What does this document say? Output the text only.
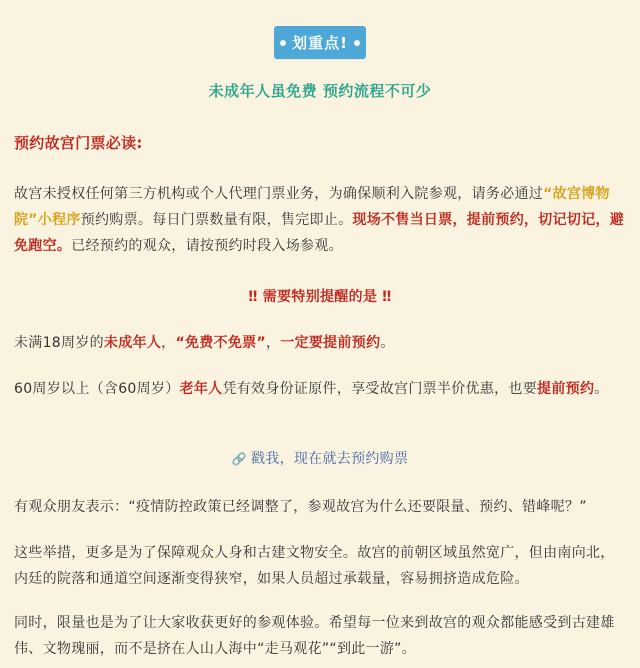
划重点!
未成年人虽免费 预约流程不可少

预约故宫门票必读:

故宫未授权任何第三方机构或个人代理门票业务，为确保顺利入院参观，请务必通过“故宫博物院”小程序预约购票。每日门票数量有限，售完即止。现场不售当日票，提前预约，切记切记，避免跑空。已经预约的观众，请按预约时段入场参观。

‼ 需要特别提醒的是 ‼

未满18周岁的未成年人，“免费不免票”，一定要提前预约。

60周岁以上（含60周岁）老年人凭有效身份证原件，享受故宫门票半价优惠，也要提前预约。

🔗 戳我，现在就去预约购票

有观众朋友表示：“疫情防控政策已经调整了，参观故宫为什么还要限量、预约、错峰呢？”

这些举措，更多是为了保障观众人身和古建文物安全。故宫的前朝区域虽然宽广，但由南向北，内廷的院落和通道空间逐渐变得狭窄，如果人员超过承载量，容易拥挤造成危险。

同时，限量也是为了让大家收获更好的参观体验。希望每一位来到故宫的观众都能感受到古建雄伟、文物瑰丽，而不是挤在人山人海中“走马观花”“到此一游”。
